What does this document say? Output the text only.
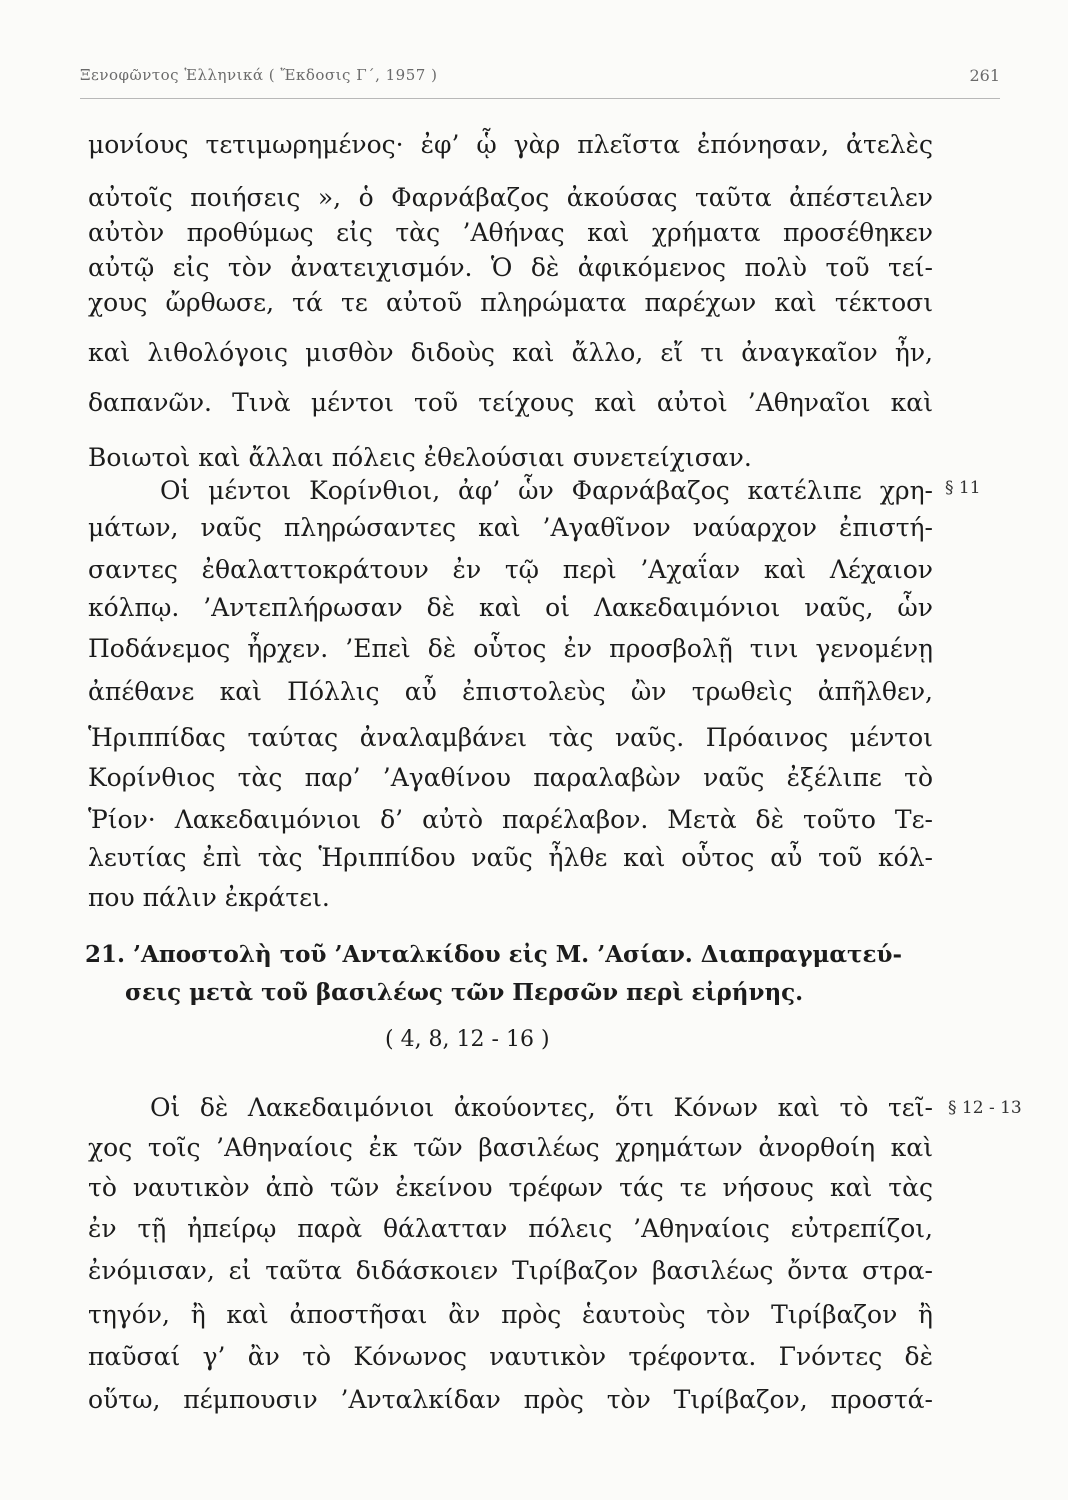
Ξενοφῶντος Ἑλληνικά ( Ἔκδοσις Γ΄, 1957 )	261
μονίους τετιμωρημένος· ἐφ’ ᾧ γὰρ πλεῖστα ἐπόνησαν, ἀτελὲς
αὐτοῖς ποιήσεις », ὁ Φαρνάβαζος ἀκούσας ταῦτα ἀπέστειλεν
αὐτὸν προθύμως εἰς τὰς ’Αθήνας καὶ χρήματα προσέθηκεν
αὐτῷ εἰς τὸν ἀνατειχισμόν. Ὁ δὲ ἀφικόμενος πολὺ τοῦ τεί-
χους ὤρθωσε, τά τε αὐτοῦ πληρώματα παρέχων καὶ τέκτοσι
καὶ λιθολόγοις μισθὸν διδοὺς καὶ ἄλλο, εἴ τι ἀναγκαῖον ἦν,
δαπανῶν. Τινὰ μέντοι τοῦ τείχους καὶ αὐτοὶ ’Αθηναῖοι καὶ
Βοιωτοὶ καὶ ἄλλαι πόλεις ἐθελούσιαι συνετείχισαν.
Οἱ μέντοι Κορίνθιοι, ἀφ’ ὧν Φαρνάβαζος κατέλιπε χρη- § 11
μάτων, ναῦς πληρώσαντες καὶ ’Αγαθῖνον ναύαρχον ἐπιστή-
σαντες ἐθαλαττοκράτουν ἐν τῷ περὶ ’Αχαΐαν καὶ Λέχαιον
κόλπῳ. ’Αντεπλήρωσαν δὲ καὶ οἱ Λακεδαιμόνιοι ναῦς, ὧν
Ποδάνεμος ἦρχεν. ’Επεὶ δὲ οὗτος ἐν προσβολῇ τινι γενομένῃ
ἀπέθανε καὶ Πόλλις αὖ ἐπιστολεὺς ὢν τρωθεὶς ἀπῆλθεν,
Ἡριππίδας ταύτας ἀναλαμβάνει τὰς ναῦς. Πρόαινος μέντοι
Κορίνθιος τὰς παρ’ ’Αγαθίνου παραλαβὼν ναῦς ἐξέλιπε τὸ
Ῥίον· Λακεδαιμόνιοι δ’ αὐτὸ παρέλαβον. Μετὰ δὲ τοῦτο Τε-
λευτίας ἐπὶ τὰς Ἡριππίδου ναῦς ἦλθε καὶ οὗτος αὖ τοῦ κόλ-
που πάλιν ἐκράτει.
21. ’Αποστολὴ τοῦ ’Ανταλκίδου εἰς Μ. ’Ασίαν. Διαπραγματεύ-
σεις μετὰ τοῦ βασιλέως τῶν Περσῶν περὶ εἰρήνης.
( 4, 8, 12 - 16 )
Οἱ δὲ Λακεδαιμόνιοι ἀκούοντες, ὅτι Κόνων καὶ τὸ τεῖ- § 12 - 13
χος τοῖς ’Αθηναίοις ἐκ τῶν βασιλέως χρημάτων ἀνορθοίη καὶ
τὸ ναυτικὸν ἀπὸ τῶν ἐκείνου τρέφων τάς τε νήσους καὶ τὰς
ἐν τῇ ἠπείρῳ παρὰ θάλατταν πόλεις ’Αθηναίοις εὐτρεπίζοι,
ἐνόμισαν, εἰ ταῦτα διδάσκοιεν Τιρίβαζον βασιλέως ὄντα στρα-
τηγόν, ἢ καὶ ἀποστῆσαι ἂν πρὸς ἑαυτοὺς τὸν Τιρίβαζον ἢ
παῦσαί γ’ ἂν τὸ Κόνωνος ναυτικὸν τρέφοντα. Γνόντες δὲ
οὕτω, πέμπουσιν ’Ανταλκίδαν πρὸς τὸν Τιρίβαζον, προστά-
